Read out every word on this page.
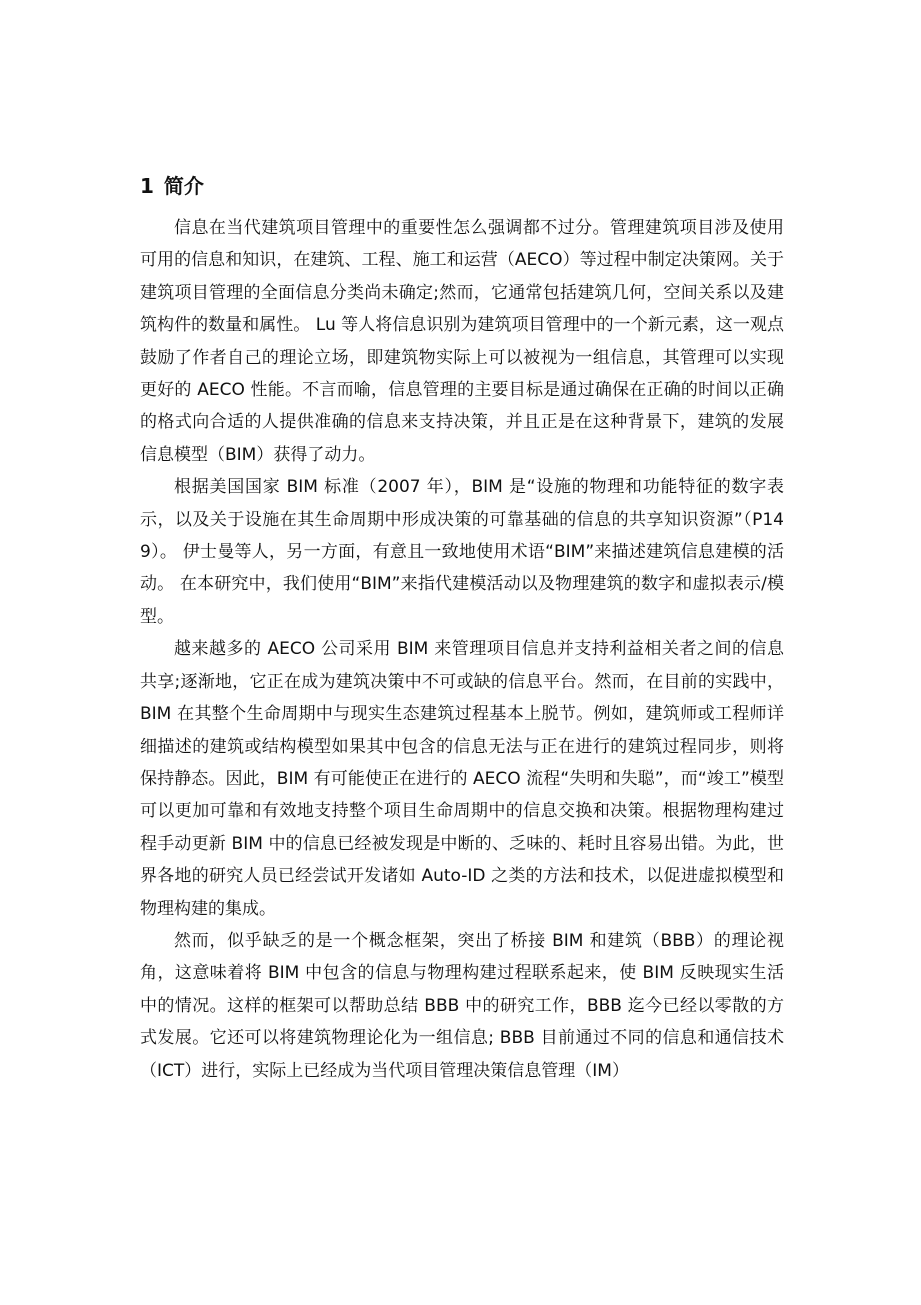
1 简介

信息在当代建筑项目管理中的重要性怎么强调都不过分。管理建筑项目涉及使用可用的信息和知识，在建筑、工程、施工和运营（AECO）等过程中制定决策网。关于建筑项目管理的全面信息分类尚未确定;然而，它通常包括建筑几何，空间关系以及建筑构件的数量和属性。 Lu 等人将信息识别为建筑项目管理中的一个新元素，这一观点鼓励了作者自己的理论立场，即建筑物实际上可以被视为一组信息，其管理可以实现更好的 AECO 性能。不言而喻，信息管理的主要目标是通过确保在正确的时间以正确的格式向合适的人提供准确的信息来支持决策，并且正是在这种背景下，建筑的发展信息模型（BIM）获得了动力。

根据美国国家 BIM 标准（2007 年），BIM 是“设施的物理和功能特征的数字表示，以及关于设施在其生命周期中形成决策的可靠基础的信息的共享知识资源”（P149）。 伊士曼等人，另一方面，有意且一致地使用术语“BIM”来描述建筑信息建模的活动。 在本研究中，我们使用“BIM”来指代建模活动以及物理建筑的数字和虚拟表示/模型。

越来越多的 AECO 公司采用 BIM 来管理项目信息并支持利益相关者之间的信息共享;逐渐地，它正在成为建筑决策中不可或缺的信息平台。然而，在目前的实践中，BIM 在其整个生命周期中与现实生态建筑过程基本上脱节。例如，建筑师或工程师详细描述的建筑或结构模型如果其中包含的信息无法与正在进行的建筑过程同步，则将保持静态。因此，BIM 有可能使正在进行的 AECO 流程“失明和失聪”，而“竣工”模型可以更加可靠和有效地支持整个项目生命周期中的信息交换和决策。根据物理构建过程手动更新 BIM 中的信息已经被发现是中断的、乏味的、耗时且容易出错。为此，世界各地的研究人员已经尝试开发诸如 Auto-ID 之类的方法和技术，以促进虚拟模型和物理构建的集成。

然而，似乎缺乏的是一个概念框架，突出了桥接 BIM 和建筑（BBB）的理论视角，这意味着将 BIM 中包含的信息与物理构建过程联系起来，使 BIM 反映现实生活中的情况。这样的框架可以帮助总结 BBB 中的研究工作，BBB 迄今已经以零散的方式发展。它还可以将建筑物理论化为一组信息; BBB 目前通过不同的信息和通信技术（ICT）进行，实际上已经成为当代项目管理决策信息管理（IM）
